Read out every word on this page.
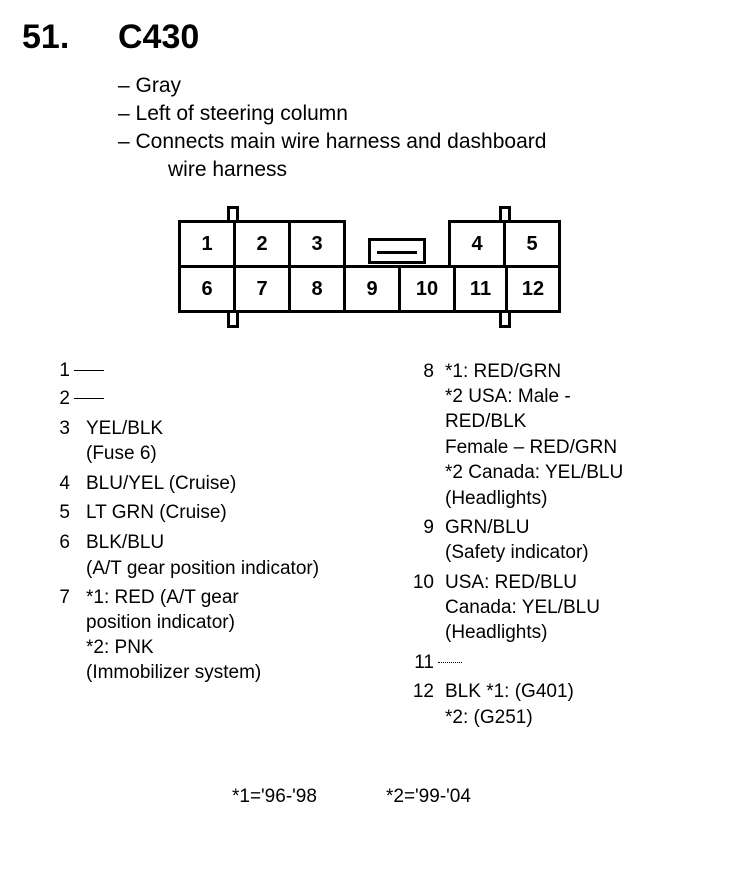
51. C430
– Gray
– Left of steering column
– Connects main wire harness and dashboard
wire harness
1	2	3	4	5
6	7	8	9	10	11	12
1
2
3 YEL/BLK
(Fuse 6)
4 BLU/YEL (Cruise)
5 LT GRN (Cruise)
6 BLK/BLU
(A/T gear position indicator)
7 *1: RED (A/T gear
position indicator)
*2: PNK
(Immobilizer system)
8 *1: RED/GRN
*2 USA: Male -
RED/BLK
Female – RED/GRN
*2 Canada: YEL/BLU
(Headlights)
9 GRN/BLU
(Safety indicator)
10 USA: RED/BLU
Canada: YEL/BLU
(Headlights)
11
12 BLK *1: (G401)
*2: (G251)
*1='96-'98	*2='99-'04
